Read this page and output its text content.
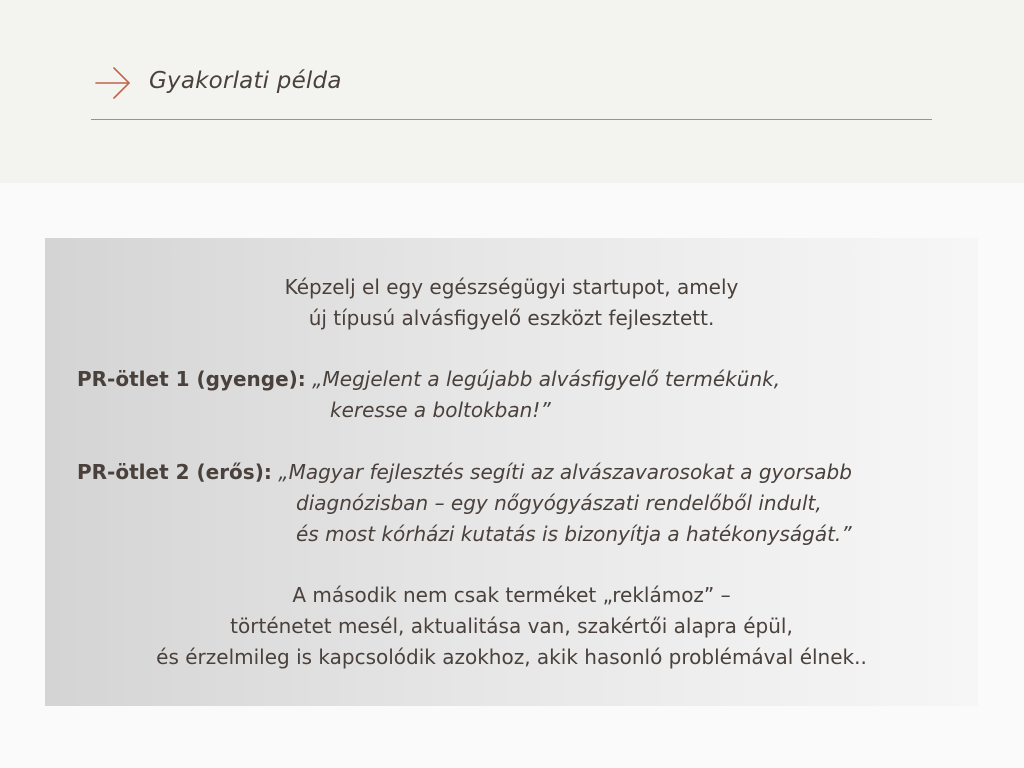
Gyakorlati példa
Képzelj el egy egészségügyi startupot, amely
új típusú alvásfigyelő eszközt fejlesztett.
PR-ötlet 1 (gyenge): „Megjelent a legújabb alvásfigyelő termékünk,
keresse a boltokban!”
PR-ötlet 2 (erős): „Magyar fejlesztés segíti az alvászavarosokat a gyorsabb
diagnózisban – egy nőgyógyászati rendelőből indult,
és most kórházi kutatás is bizonyítja a hatékonyságát.”
A második nem csak terméket „reklámoz” –
történetet mesél, aktualitása van, szakértői alapra épül,
és érzelmileg is kapcsolódik azokhoz, akik hasonló problémával élnek..
